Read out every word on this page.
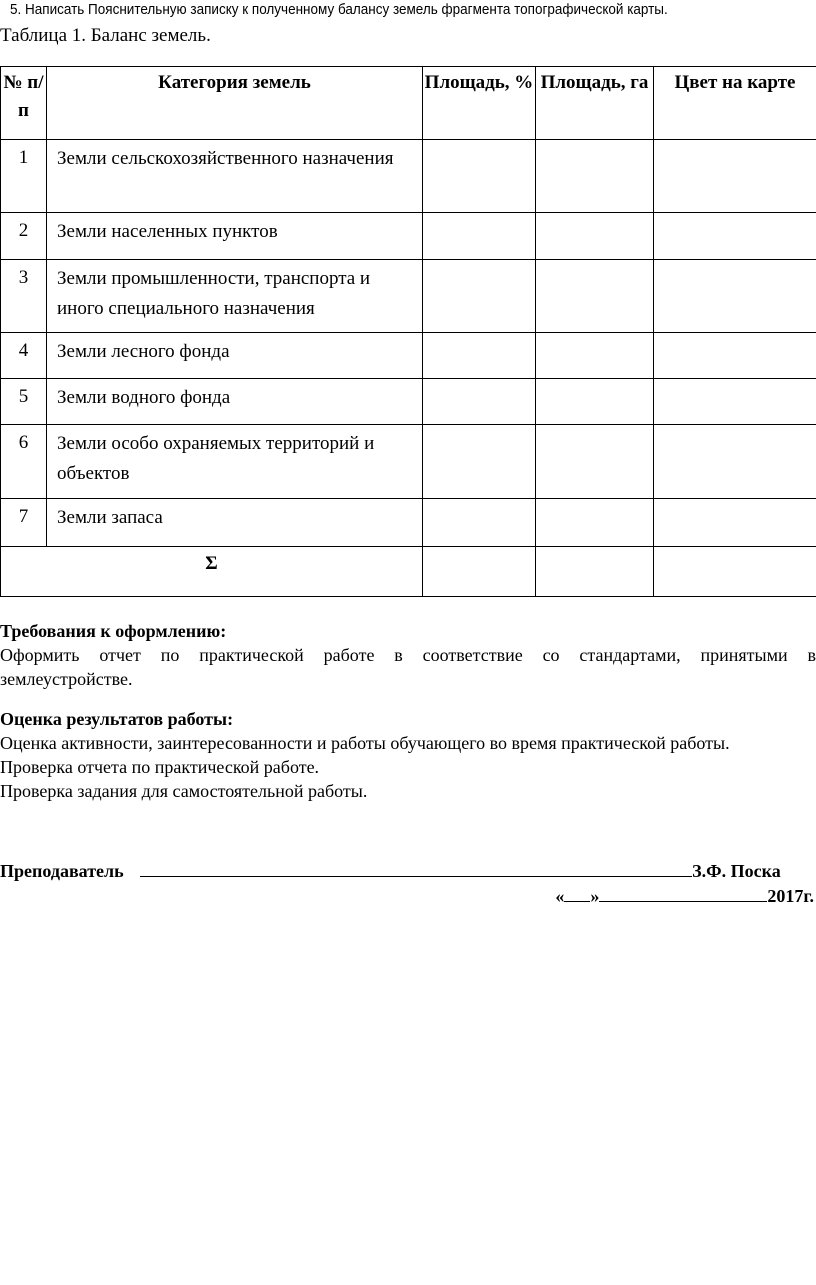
5. Написать Пояснительную записку к полученному балансу земель фрагмента топографической карты.
Таблица 1. Баланс земель.
№ п/п	Категория земель	Площадь, %	Площадь, га	Цвет на карте
1	Земли сельскохозяйственного назначения			
2	Земли населенных пунктов			
3	Земли промышленности, транспорта и иного специального назначения			
4	Земли лесного фонда			
5	Земли водного фонда			
6	Земли особо охраняемых территорий и объектов			
7	Земли запаса			
Σ				
Требования к оформлению:
Оформить отчет по практической работе в соответствие со стандартами, принятыми в
землеустройстве.
Оценка результатов работы:
Оценка активности, заинтересованности и работы обучающего во время практической работы.
Проверка отчета по практической работе.
Проверка задания для самостоятельной работы.
Преподаватель	З.Ф. Поска
« »	2017г.
